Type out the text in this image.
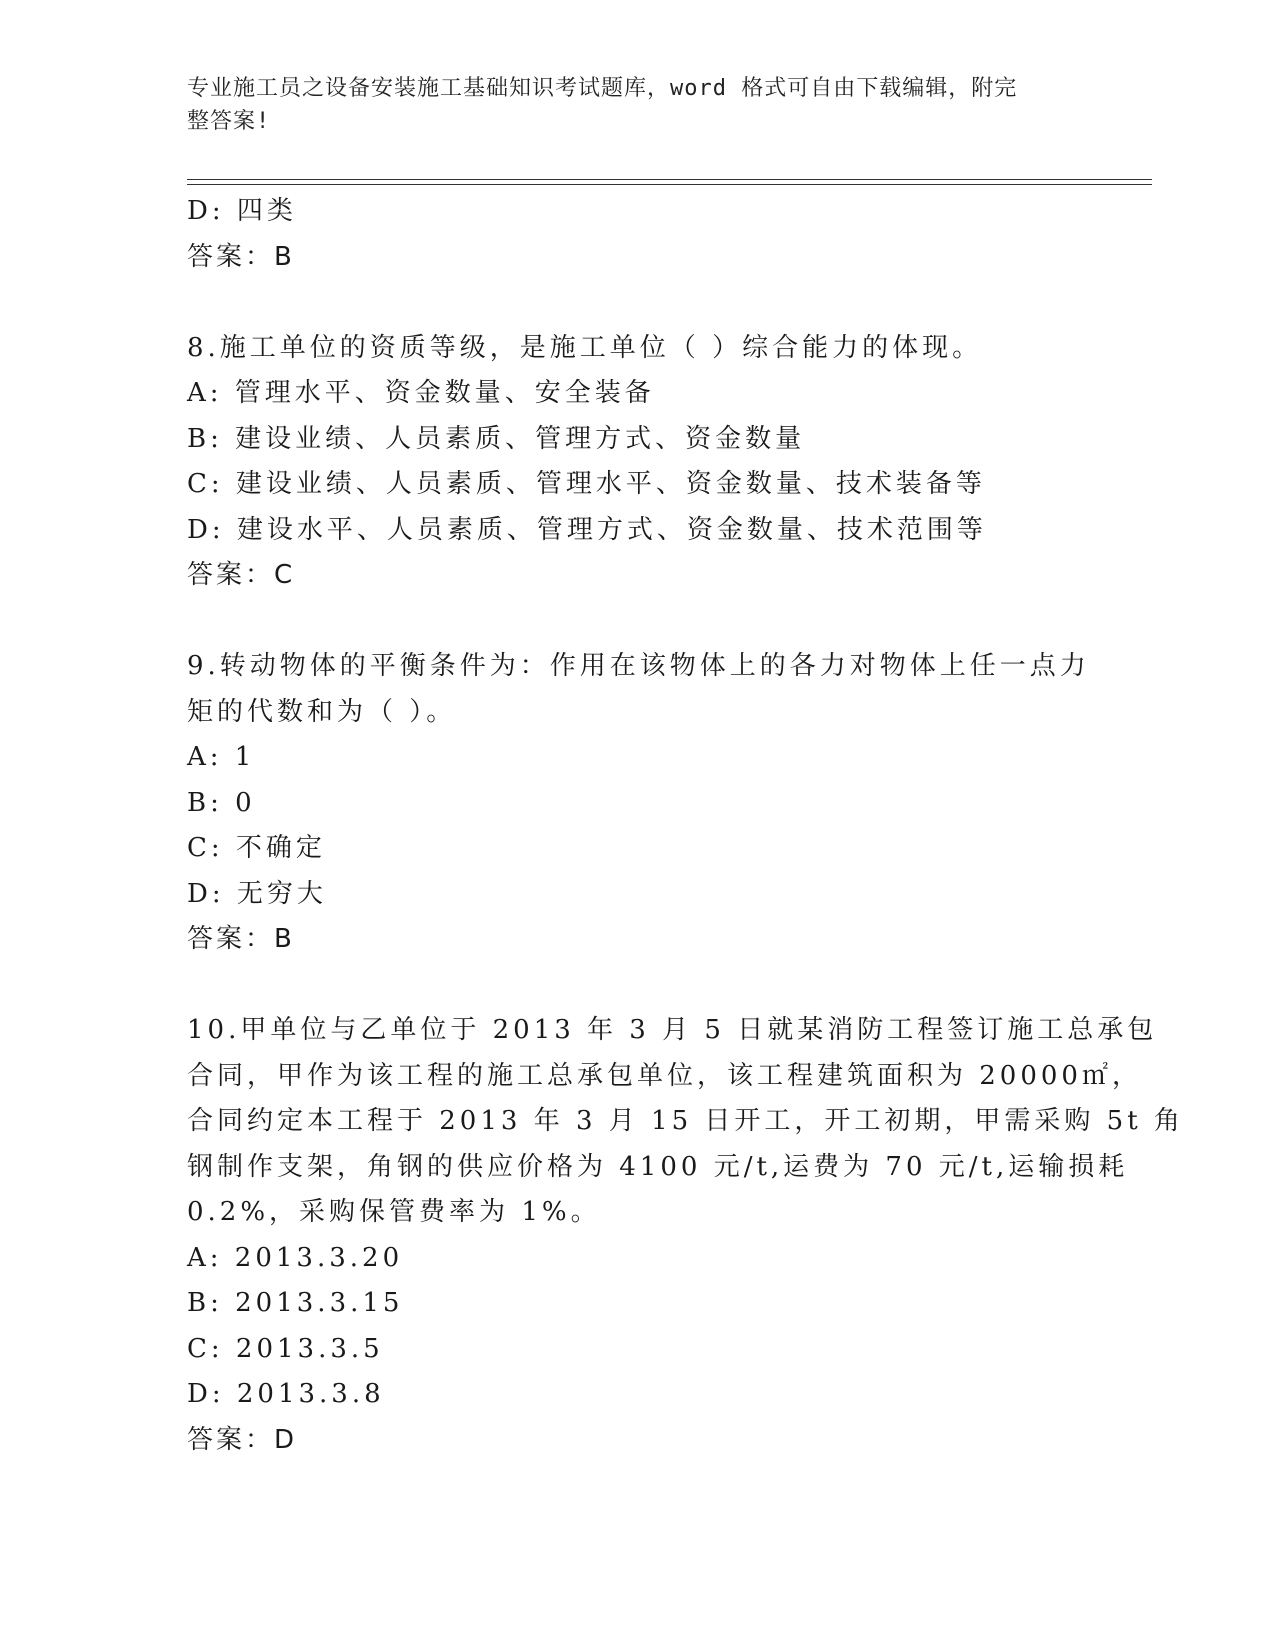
专业施工员之设备安装施工基础知识考试题库，word 格式可自由下载编辑，附完
整答案!
D: 四类
答案：B
8.施工单位的资质等级，是施工单位（ ）综合能力的体现。
A: 管理水平、资金数量、安全装备
B: 建设业绩、人员素质、管理方式、资金数量
C: 建设业绩、人员素质、管理水平、资金数量、技术装备等
D: 建设水平、人员素质、管理方式、资金数量、技术范围等
答案：C
9.转动物体的平衡条件为：作用在该物体上的各力对物体上任一点力
矩的代数和为（ ）。
A: 1
B: 0
C: 不确定
D: 无穷大
答案：B
10.甲单位与乙单位于 2013 年 3 月 5 日就某消防工程签订施工总承包
合同，甲作为该工程的施工总承包单位，该工程建筑面积为 20000㎡，
合同约定本工程于 2013 年 3 月 15 日开工，开工初期，甲需采购 5t 角
钢制作支架，角钢的供应价格为 4100 元/t,运费为 70 元/t,运输损耗
0.2%，采购保管费率为 1%。
A: 2013.3.20
B: 2013.3.15
C: 2013.3.5
D: 2013.3.8
答案：D
